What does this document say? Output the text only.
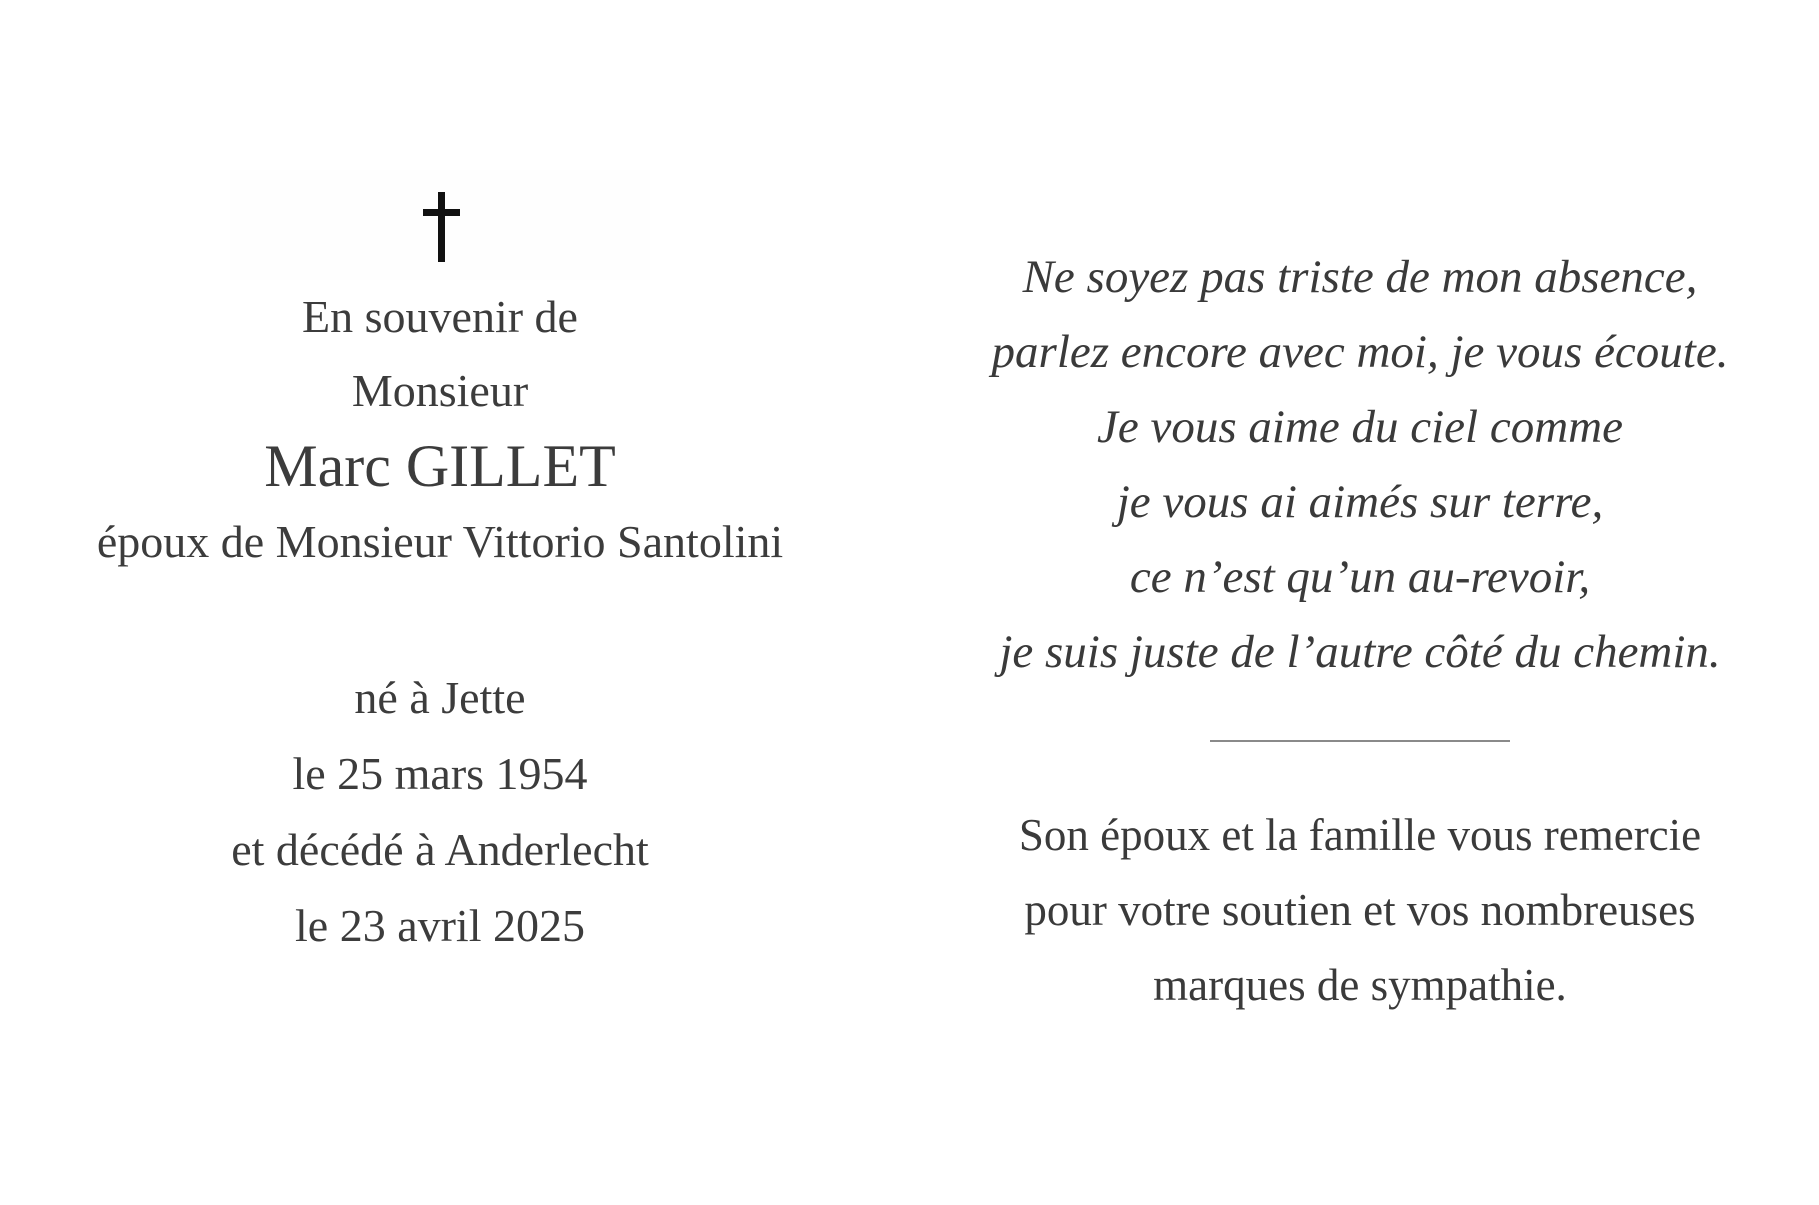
En souvenir de
Monsieur
Marc GILLET
époux de Monsieur Vittorio Santolini
né à Jette
le 25 mars 1954
et décédé à Anderlecht
le 23 avril 2025
Ne soyez pas triste de mon absence,
parlez encore avec moi, je vous écoute.
Je vous aime du ciel comme
je vous ai aimés sur terre,
ce n’est qu’un au-revoir,
je suis juste de l’autre côté du chemin.
Son époux et la famille vous remercie
pour votre soutien et vos nombreuses
marques de sympathie.
